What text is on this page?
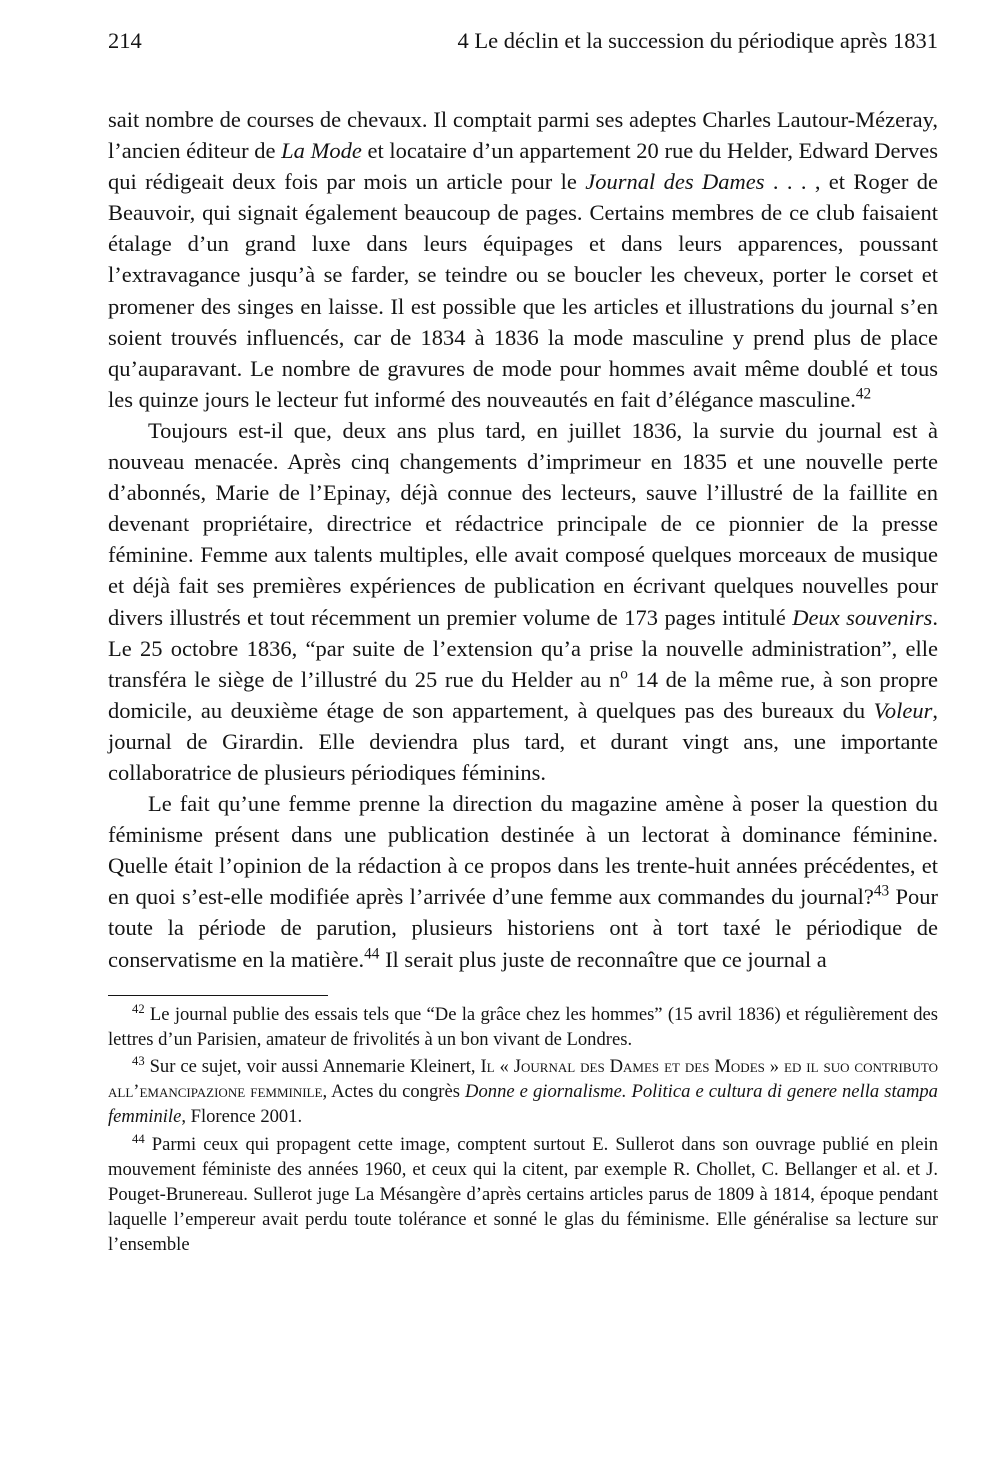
214	4 Le déclin et la succession du périodique après 1831

sait nombre de courses de chevaux. Il comptait parmi ses adeptes Charles Lautour-Mézeray, l’ancien éditeur de La Mode et locataire d’un appartement 20 rue du Helder, Edward Derves qui rédigeait deux fois par mois un article pour le Journal des Dames . . . , et Roger de Beauvoir, qui signait également beaucoup de pages. Certains membres de ce club faisaient étalage d’un grand luxe dans leurs équipages et dans leurs apparences, poussant l’extravagance jusqu’à se farder, se teindre ou se boucler les cheveux, porter le corset et promener des singes en laisse. Il est possible que les articles et illustrations du journal s’en soient trouvés influencés, car de 1834 à 1836 la mode masculine y prend plus de place qu’auparavant. Le nombre de gravures de mode pour hommes avait même doublé et tous les quinze jours le lecteur fut informé des nouveautés en fait d’élégance masculine.$^{42}$

Toujours est-il que, deux ans plus tard, en juillet 1836, la survie du journal est à nouveau menacée. Après cinq changements d’imprimeur en 1835 et une nouvelle perte d’abonnés, Marie de l’Epinay, déjà connue des lecteurs, sauve l’illustré de la faillite en devenant propriétaire, directrice et rédactrice principale de ce pionnier de la presse féminine. Femme aux talents multiples, elle avait composé quelques morceaux de musique et déjà fait ses premières expériences de publication en écrivant quelques nouvelles pour divers illustrés et tout récemment un premier volume de 173 pages intitulé Deux souvenirs. Le 25 octobre 1836, “par suite de l’extension qu’a prise la nouvelle administration”, elle transféra le siège de l’illustré du 25 rue du Helder au $n^o$ 14 de la même rue, à son propre domicile, au deuxième étage de son appartement, à quelques pas des bureaux du Voleur, journal de Girardin. Elle deviendra plus tard, et durant vingt ans, une importante collaboratrice de plusieurs périodiques féminins.

Le fait qu’une femme prenne la direction du magazine amène à poser la question du féminisme présent dans une publication destinée à un lectorat à dominance féminine. Quelle était l’opinion de la rédaction à ce propos dans les trente-huit années précédentes, et en quoi s’est-elle modifiée après l’arrivée d’une femme aux commandes du journal?$^{43}$ Pour toute la période de parution, plusieurs historiens ont à tort taxé le périodique de conservatisme en la matière.$^{44}$ Il serait plus juste de reconnaître que ce journal a

$^{42}$ Le journal publie des essais tels que “De la grâce chez les hommes” (15 avril 1836) et régulièrement des lettres d’un Parisien, amateur de frivolités à un bon vivant de Londres.

$^{43}$ Sur ce sujet, voir aussi Annemarie Kleinert, Il « Journal des Dames et des Modes » ed il suo contributo all’emancipazione femminile, Actes du congrès Donne e giornalisme. Politica e cultura di genere nella stampa femminile, Florence 2001.

$^{44}$ Parmi ceux qui propagent cette image, comptent surtout E. Sullerot dans son ouvrage publié en plein mouvement féministe des années 1960, et ceux qui la citent, par exemple R. Chollet, C. Bellanger et al. et J. Pouget-Brunereau. Sullerot juge La Mésangère d’après certains articles parus de 1809 à 1814, époque pendant laquelle l’empereur avait perdu toute tolérance et sonné le glas du féminisme. Elle généralise sa lecture sur l’ensemble
